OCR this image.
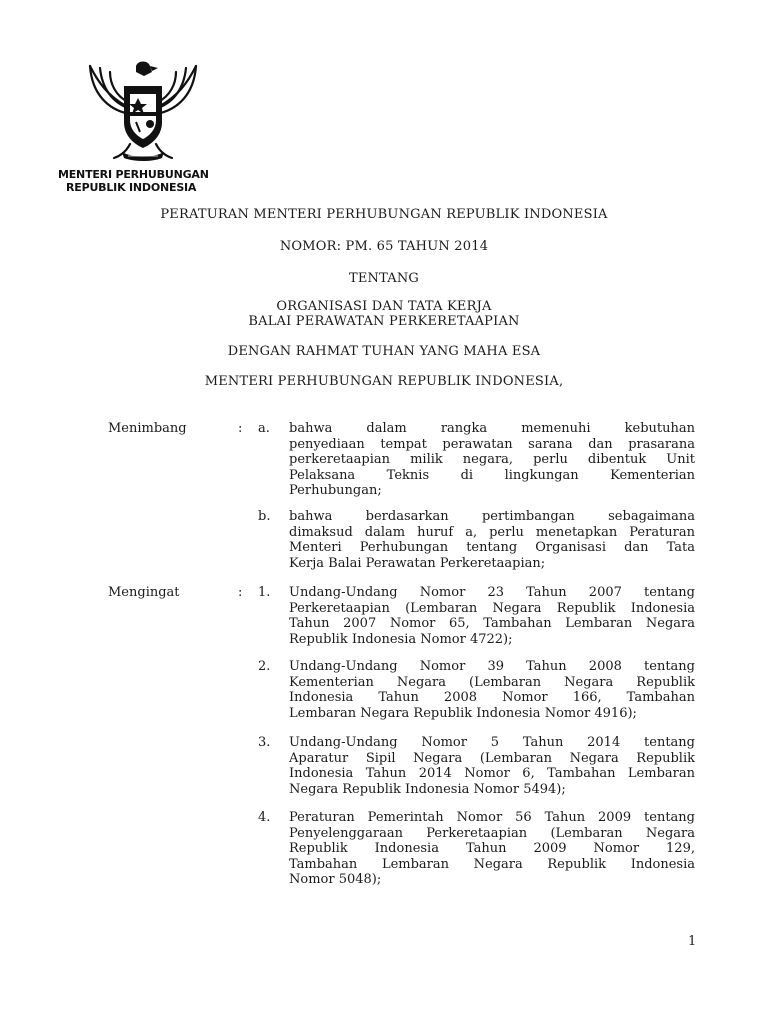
MENTERI PERHUBUNGAN
REPUBLIK INDONESIA
PERATURAN MENTERI PERHUBUNGAN REPUBLIK INDONESIA
NOMOR: PM. 65 TAHUN 2014
TENTANG
ORGANISASI DAN TATA KERJA
BALAI PERAWATAN PERKERETAAPIAN
DENGAN RAHMAT TUHAN YANG MAHA ESA
MENTERI PERHUBUNGAN REPUBLIK INDONESIA,
Menimbang	: a. bahwa dalam rangka memenuhi kebutuhan
penyediaan tempat perawatan sarana dan prasarana
perkeretaapian milik negara, perlu dibentuk Unit
Pelaksana Teknis di lingkungan Kementerian
Perhubungan;
b. bahwa berdasarkan pertimbangan sebagaimana
dimaksud dalam huruf a, perlu menetapkan Peraturan
Menteri Perhubungan tentang Organisasi dan Tata
Kerja Balai Perawatan Perkeretaapian;
Mengingat	: 1. Undang-Undang Nomor 23 Tahun 2007 tentang
Perkeretaapian (Lembaran Negara Republik Indonesia
Tahun 2007 Nomor 65, Tambahan Lembaran Negara
Republik Indonesia Nomor 4722);
2. Undang-Undang Nomor 39 Tahun 2008 tentang
Kementerian Negara (Lembaran Negara Republik
Indonesia Tahun 2008 Nomor 166, Tambahan
Lembaran Negara Republik Indonesia Nomor 4916);
3. Undang-Undang Nomor 5 Tahun 2014 tentang
Aparatur Sipil Negara (Lembaran Negara Republik
Indonesia Tahun 2014 Nomor 6, Tambahan Lembaran
Negara Republik Indonesia Nomor 5494);
4. Peraturan Pemerintah Nomor 56 Tahun 2009 tentang
Penyelenggaraan Perkeretaapian (Lembaran Negara
Republik Indonesia Tahun 2009 Nomor 129,
Tambahan Lembaran Negara Republik Indonesia
Nomor 5048);
1
